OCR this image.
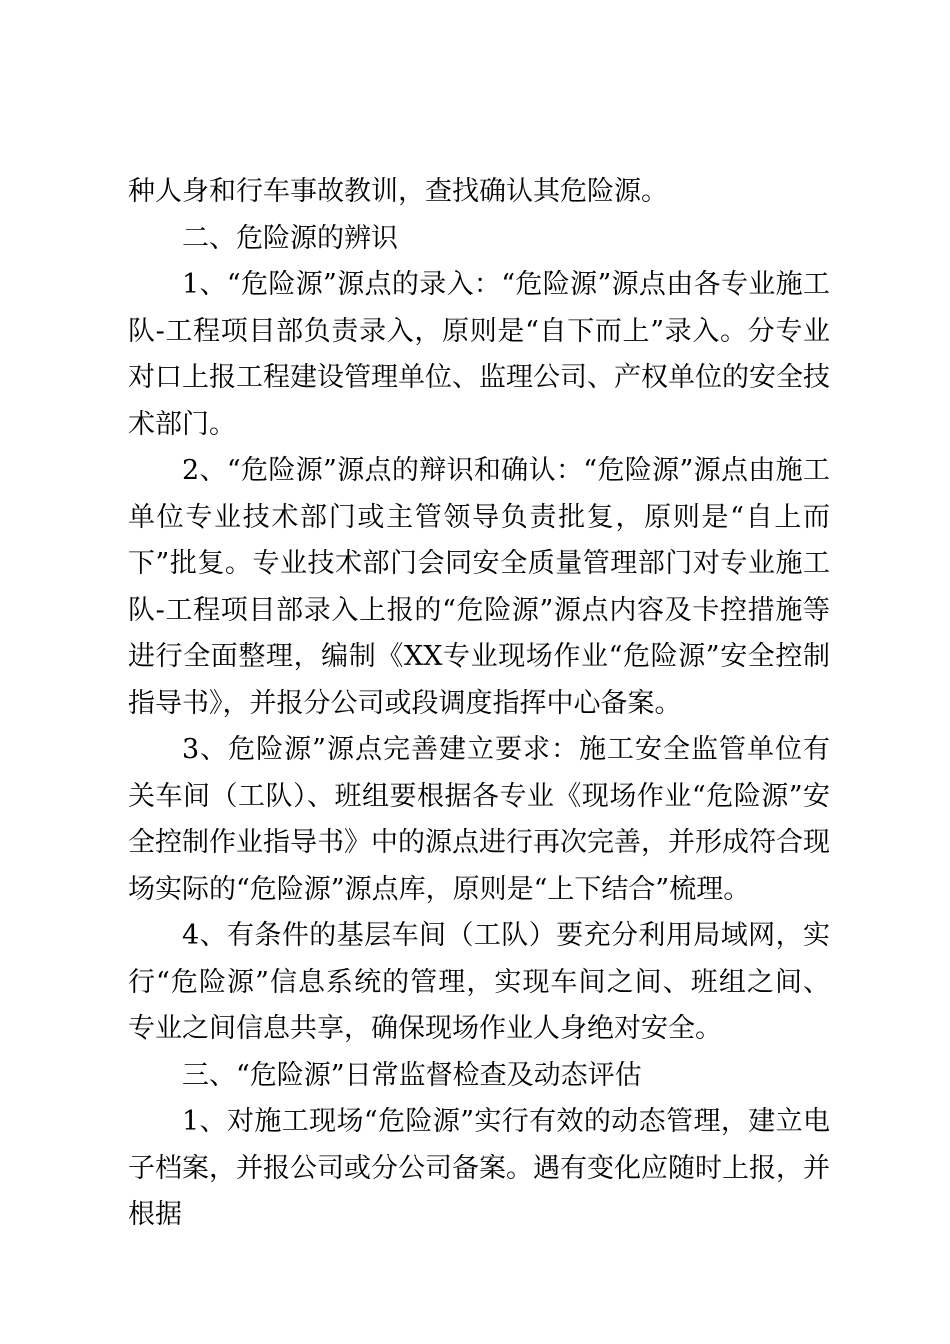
种人身和行车事故教训，查找确认其危险源。

二、危险源的辨识

1、“危险源”源点的录入：“危险源”源点由各专业施工队-工程项目部负责录入，原则是“自下而上”录入。分专业对口上报工程建设管理单位、监理公司、产权单位的安全技术部门。

2、“危险源”源点的辩识和确认：“危险源”源点由施工单位专业技术部门或主管领导负责批复，原则是“自上而下”批复。专业技术部门会同安全质量管理部门对专业施工队-工程项目部录入上报的“危险源”源点内容及卡控措施等进行全面整理，编制《XX专业现场作业“危险源”安全控制指导书》，并报分公司或段调度指挥中心备案。

3、危险源”源点完善建立要求：施工安全监管单位有关车间（工队）、班组要根据各专业《现场作业“危险源”安全控制作业指导书》中的源点进行再次完善，并形成符合现场实际的“危险源”源点库，原则是“上下结合”梳理。

4、有条件的基层车间（工队）要充分利用局域网，实行“危险源”信息系统的管理，实现车间之间、班组之间、专业之间信息共享，确保现场作业人身绝对安全。

三、“危险源”日常监督检查及动态评估

1、对施工现场“危险源”实行有效的动态管理，建立电子档案，并报公司或分公司备案。遇有变化应随时上报，并根据
